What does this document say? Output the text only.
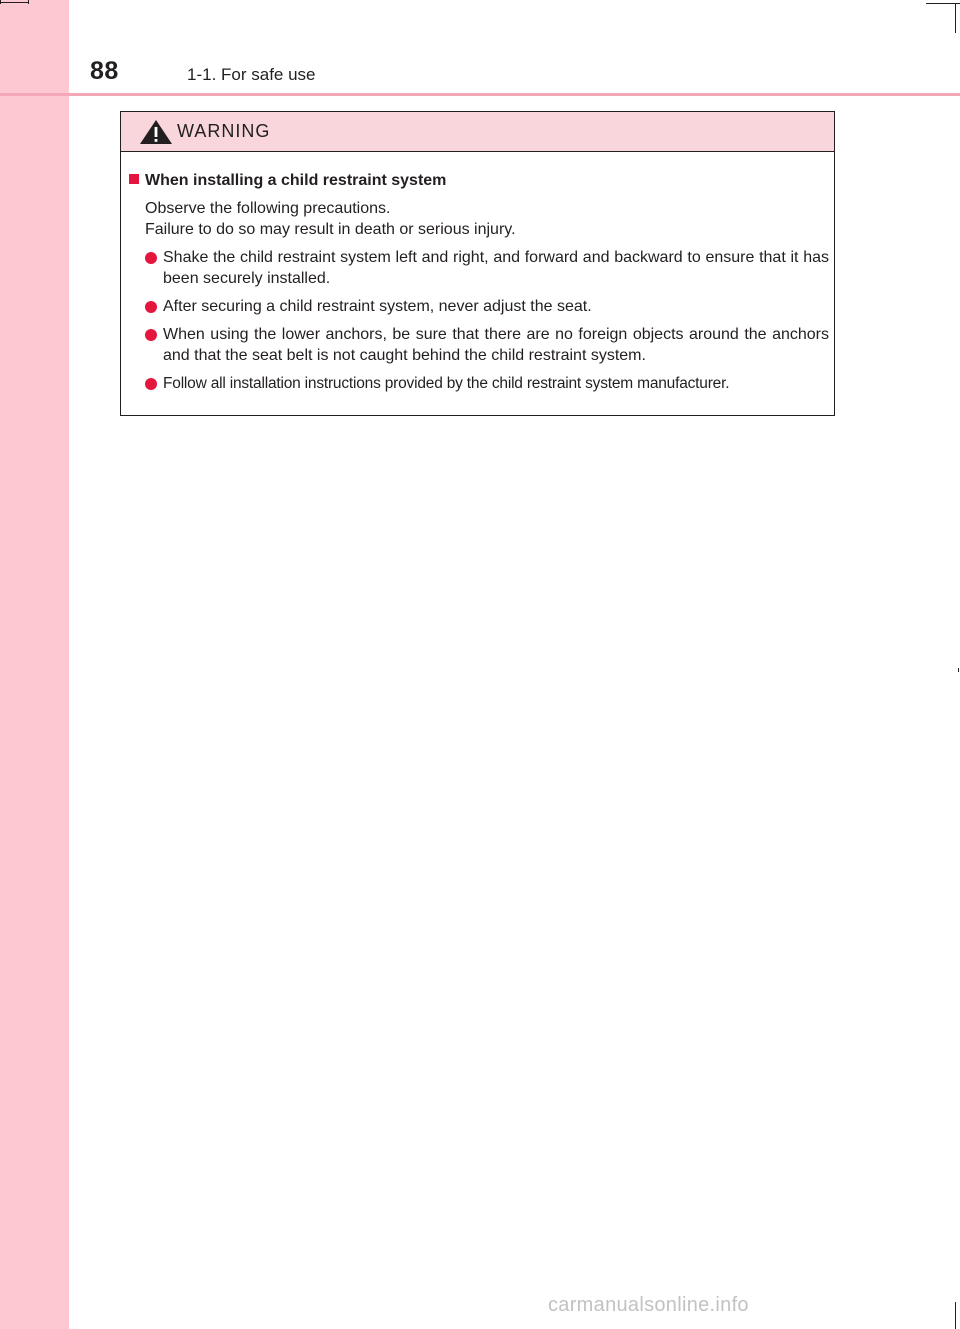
88	1-1. For safe use
WARNING
When installing a child restraint system
Observe the following precautions.
Failure to do so may result in death or serious injury.
Shake the child restraint system left and right, and forward and backward to ensure that it has been securely installed.
After securing a child restraint system, never adjust the seat.
When using the lower anchors, be sure that there are no foreign objects around the anchors and that the seat belt is not caught behind the child restraint system.
Follow all installation instructions provided by the child restraint system manufacturer.
carmanualsonline.info
